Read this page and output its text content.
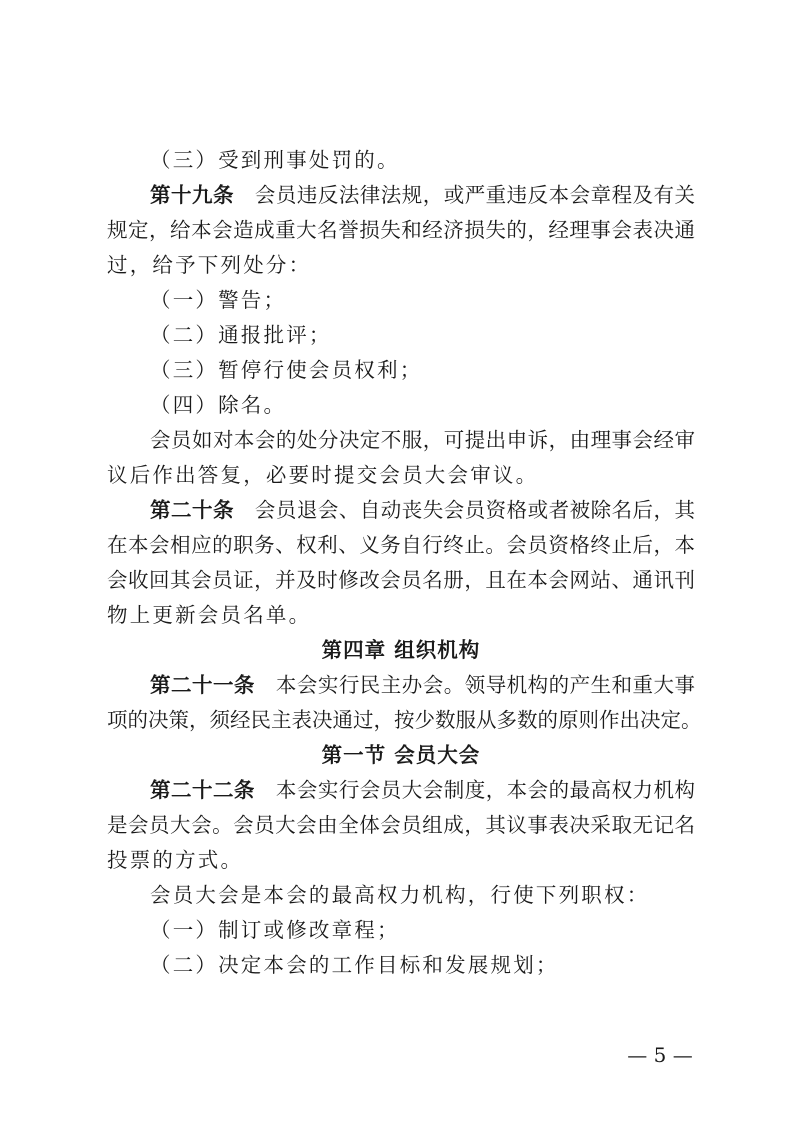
（三）受到刑事处罚的。
第十九条　 会员违反法律法规，或严重违反本会章程及有关
规定，给本会造成重大名誉损失和经济损失的，经理事会表决通
过，给予下列处分：
（一）警告；
（二）通报批评；
（三）暂停行使会员权利；
（四）除名。
会员如对本会的处分决定不服，可提出申诉，由理事会经审
议后作出答复，必要时提交会员大会审议。
第二十条　 会员退会、自动丧失会员资格或者被除名后，其
在本会相应的职务、权利、义务自行终止。会员资格终止后，本
会收回其会员证，并及时修改会员名册，且在本会网站、通讯刊
物上更新会员名单。
第四章 组织机构
第二十一条　 本会实行民主办会。领导机构的产生和重大事
项的决策，须经民主表决通过，按少数服从多数的原则作出决定。
第一节 会员大会
第二十二条　 本会实行会员大会制度，本会的最高权力机构
是会员大会。会员大会由全体会员组成，其议事表决采取无记名
投票的方式。
会员大会是本会的最高权力机构，行使下列职权：
（一）制订或修改章程；
（二）决定本会的工作目标和发展规划；
— 5 —
